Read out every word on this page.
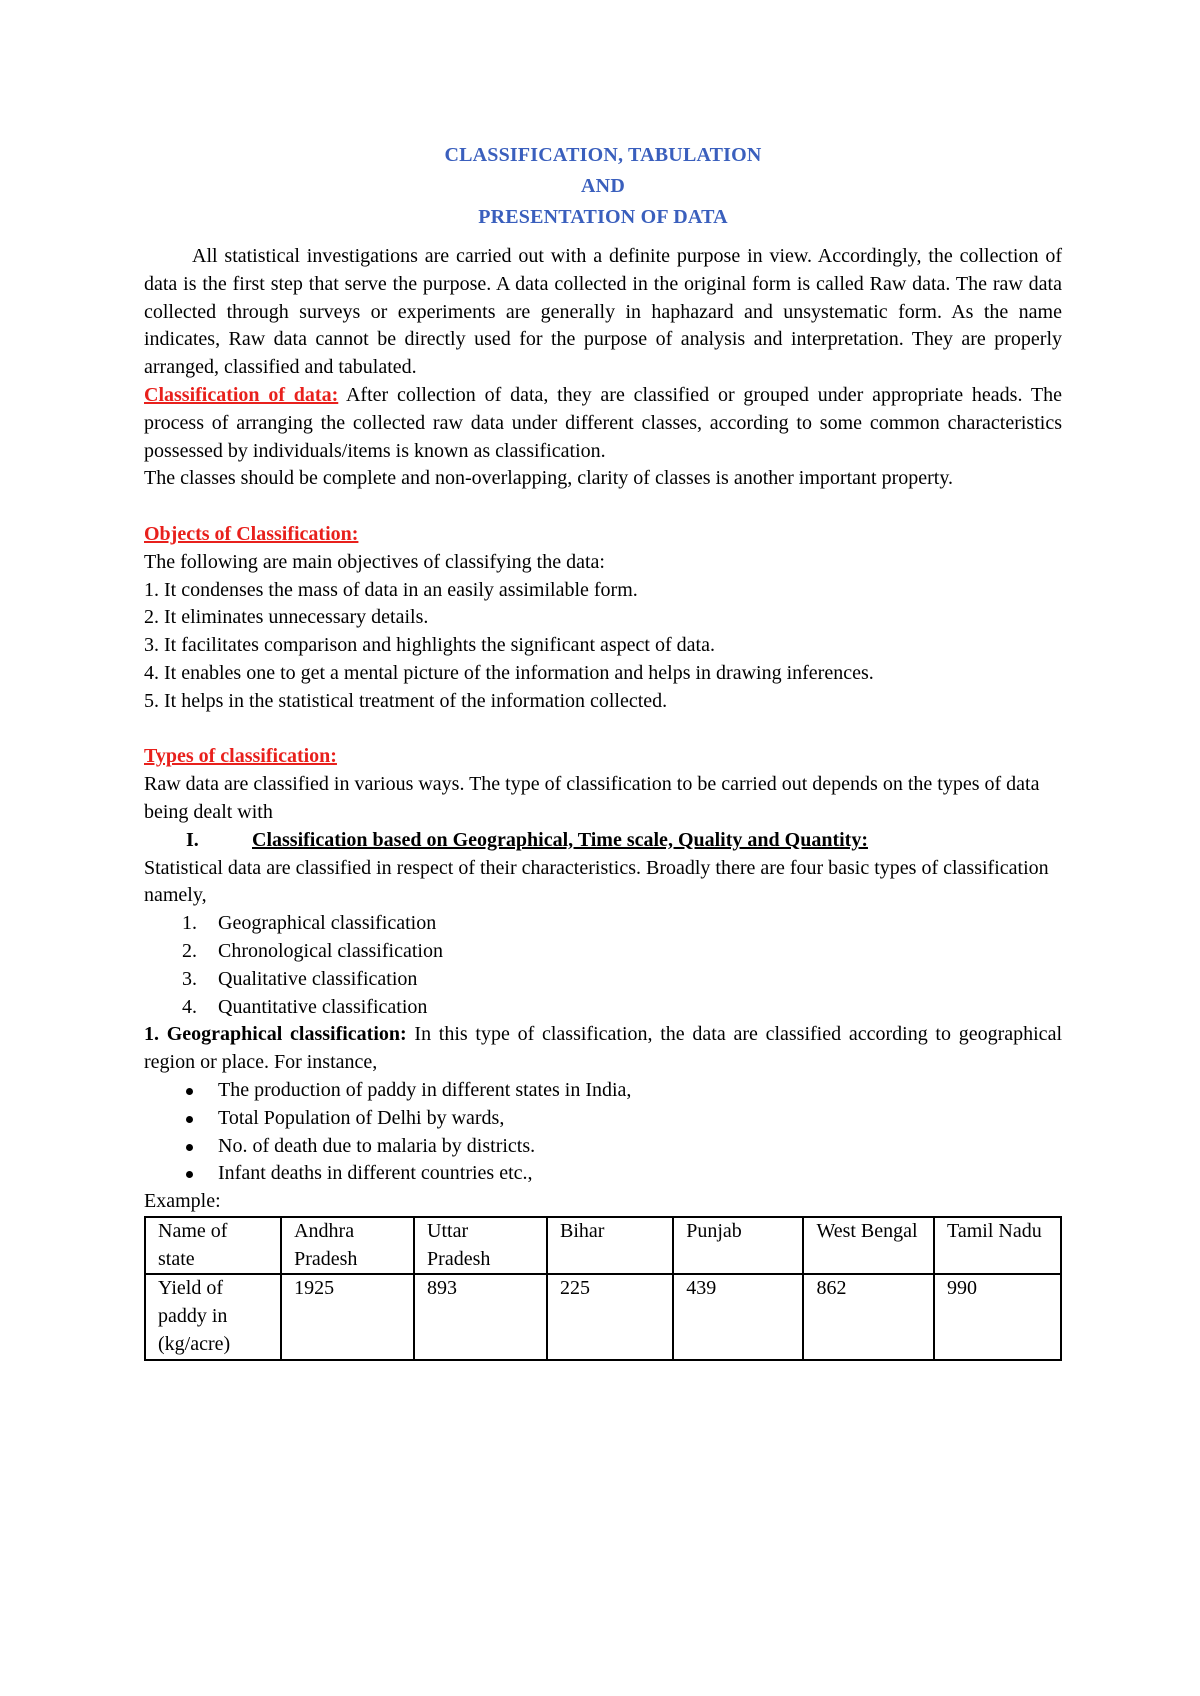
CLASSIFICATION, TABULATION
AND
PRESENTATION OF DATA

All statistical investigations are carried out with a definite purpose in view. Accordingly, the collection of data is the first step that serve the purpose. A data collected in the original form is called Raw data. The raw data collected through surveys or experiments are generally in haphazard and unsystematic form. As the name indicates, Raw data cannot be directly used for the purpose of analysis and interpretation. They are properly arranged, classified and tabulated.

Classification of data: After collection of data, they are classified or grouped under appropriate heads. The process of arranging the collected raw data under different classes, according to some common characteristics possessed by individuals/items is known as classification.

The classes should be complete and non-overlapping, clarity of classes is another important property.

Objects of Classification:

The following are main objectives of classifying the data:

1. It condenses the mass of data in an easily assimilable form.

2. It eliminates unnecessary details.

3. It facilitates comparison and highlights the significant aspect of data.

4. It enables one to get a mental picture of the information and helps in drawing inferences.

5. It helps in the statistical treatment of the information collected.

Types of classification:

Raw data are classified in various ways. The type of classification to be carried out depends on the types of data being dealt with

I.	Classification based on Geographical, Time scale, Quality and Quantity:

Statistical data are classified in respect of their characteristics. Broadly there are four basic types of classification namely,

1. Geographical classification
2. Chronological classification
3. Qualitative classification
4. Quantitative classification

1. Geographical classification: In this type of classification, the data are classified according to geographical region or place. For instance,

The production of paddy in different states in India,
Total Population of Delhi by wards,
No. of death due to malaria by districts.
Infant deaths in different countries etc.,

Example:

Name of state	Andhra Pradesh	Uttar Pradesh	Bihar	Punjab	West Bengal	Tamil Nadu
Yield of paddy in (kg/acre)	1925	893	225	439	862	990
